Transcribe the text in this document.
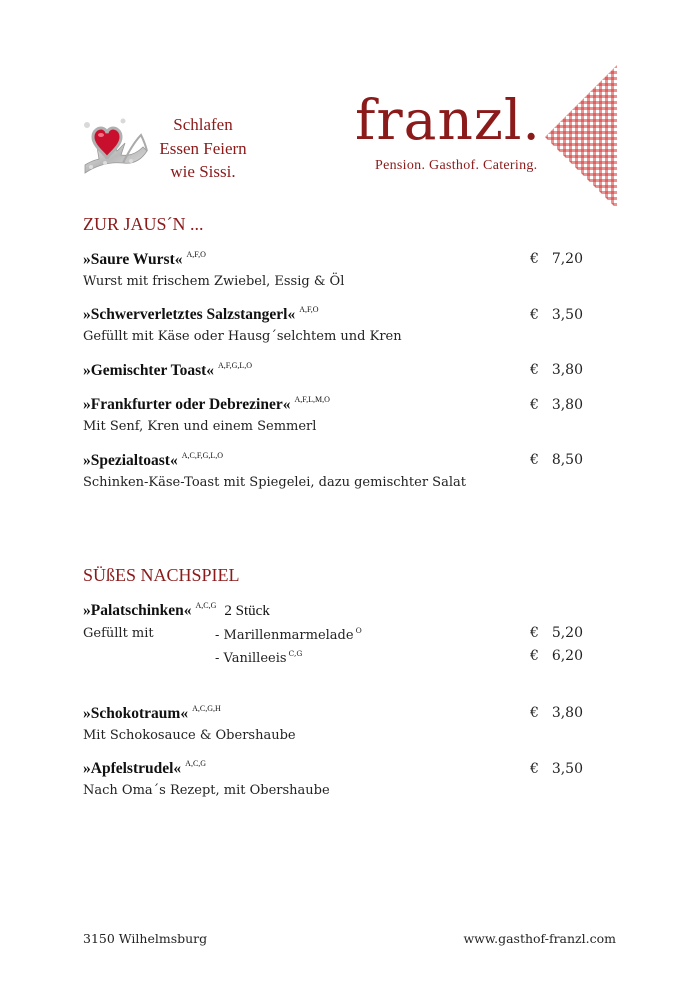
Schlafen
Essen Feiern
wie Sissi.
franzl.
Pension. Gasthof. Catering.
ZUR JAUS´N ...
»Saure Wurst« $^{A,F,O}$	€ 7,20
Wurst mit frischem Zwiebel, Essig & Öl
»Schwerverletztes Salzstangerl« $^{A,F,O}$	€ 3,50
Gefüllt mit Käse oder Hausg´selchtem und Kren
»Gemischter Toast« $^{A,F,G,L,O}$	€ 3,80
»Frankfurter oder Debreziner« $^{A,F,L,M,O}$	€ 3,80
Mit Senf, Kren und einem Semmerl
»Spezialtoast« $^{A,C,F,G,L,O}$	€ 8,50
Schinken-Käse-Toast mit Spiegelei, dazu gemischter Salat
SÜßES NACHSPIEL
»Palatschinken« $^{A,C,G}$ 2 Stück
Gefüllt mit	- Marillenmarmelade $^O$	€ 5,20
- Vanilleeis $^{C,G}$	€ 6,20
»Schokotraum« $^{A,C,G,H}$	€ 3,80
Mit Schokosauce & Obershaube
»Apfelstrudel« $^{A,C,G}$	€ 3,50
Nach Oma´s Rezept, mit Obershaube
3150 Wilhelmsburg	www.gasthof-franzl.com
